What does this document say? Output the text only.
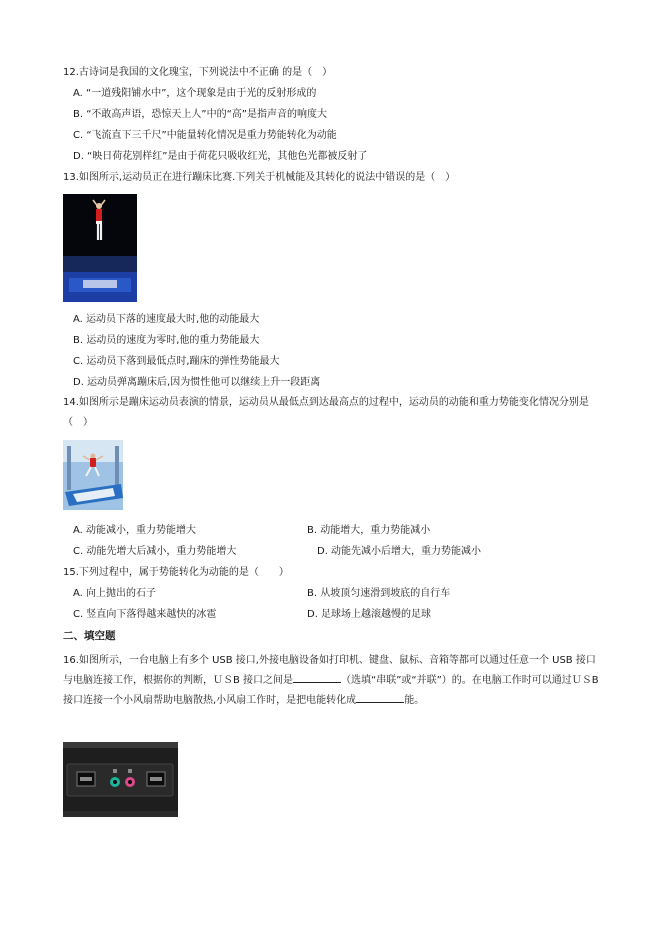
12.古诗词是我国的文化瑰宝，下列说法中不正确 的是（　）
A. “一道残阳铺水中”，这个现象是由于光的反射形成的
B. “不敢高声语，恐惊天上人”中的“高”是指声音的响度大
C. “飞流直下三千尺”中能量转化情况是重力势能转化为动能
D. “映日荷花别样红”是由于荷花只吸收红光，其他色光都被反射了
13.如图所示,运动员正在进行蹦床比赛.下列关于机械能及其转化的说法中错误的是（　）
A. 运动员下落的速度最大时,他的动能最大
B. 运动员的速度为零时,他的重力势能最大
C. 运动员下落到最低点时,蹦床的弹性势能最大
D. 运动员弹离蹦床后,因为惯性他可以继续上升一段距离
14.如图所示是蹦床运动员表演的情景，运动员从最低点到达最高点的过程中，运动员的动能和重力势能变化情况分别是（　）
A. 动能减小，重力势能增大	B. 动能增大，重力势能减小
C. 动能先增大后减小，重力势能增大	D. 动能先减小后增大，重力势能减小
15.下列过程中，属于势能转化为动能的是（　　）
A. 向上抛出的石子	B. 从坡顶匀速滑到坡底的自行车
C. 竖直向下落得越来越快的冰雹	D. 足球场上越滚越慢的足球
二、填空题
16.如图所示，一台电脑上有多个 USB 接口,外接电脑设备如打印机、键盘、鼠标、音箱等都可以通过任意一个 USB 接口与电脑连接工作，根据你的判断，ＵＳB 接口之间是	（选填“串联”或“并联”）的。在电脑工作时可以通过ＵＳB 接口连接一个小风扇帮助电脑散热,小风扇工作时，是把电能转化成	能。
